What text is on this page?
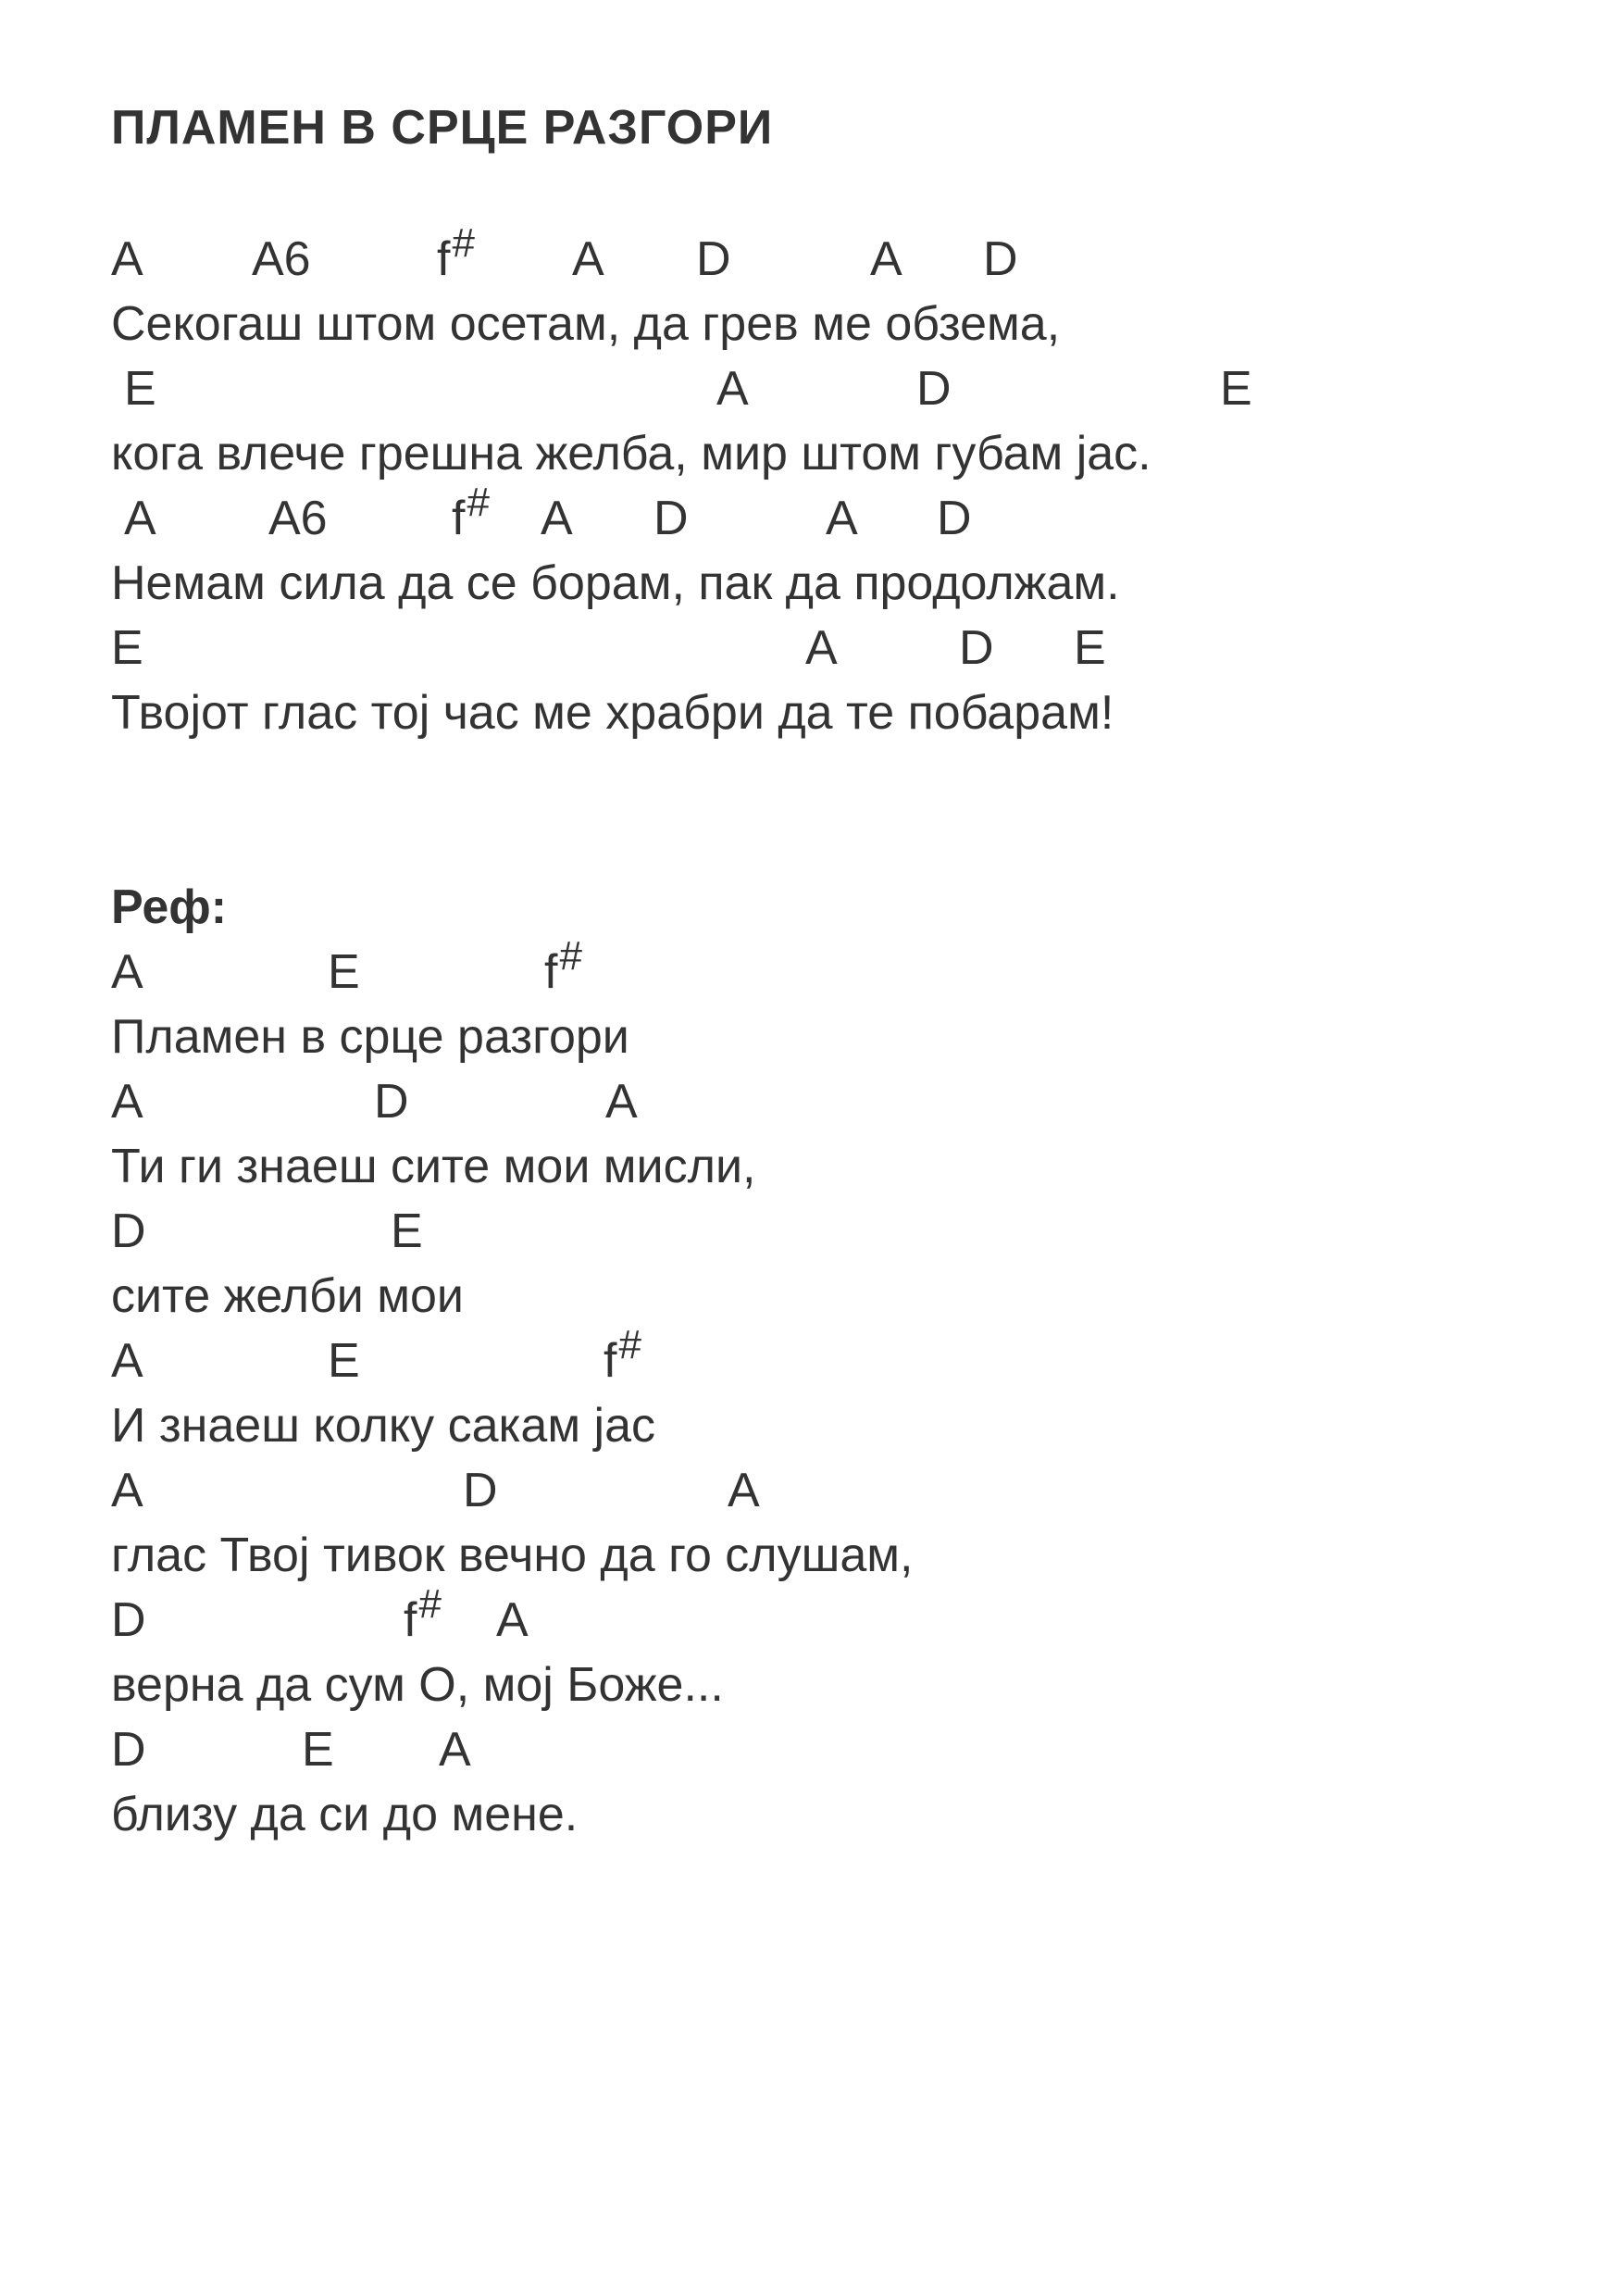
ПЛАМЕН В СРЦЕ РАЗГОРИ
A A6	f# A D	A D
Секогаш штом осетам, да грев ме обзема,
E	A	D	E
кога влече грешна желба, мир штом губам јас.
A A6	f# A D	A D
Немам сила да се борам, пак да продолжам.
E	A	D E
Твојот глас тој час ме храбри да те побарам!
Реф:
A	E	f#
Пламен в срце разгори
A	D	A
Ти ги знаеш сите мои мисли,
D	E
сите желби мои
A	E	f#
И знаеш колку сакам јас
A	D	A
глас Твој тивок вечно да го слушам,
D	f# A
верна да сум О, мој Боже...
D	E A
близу да си до мене.
